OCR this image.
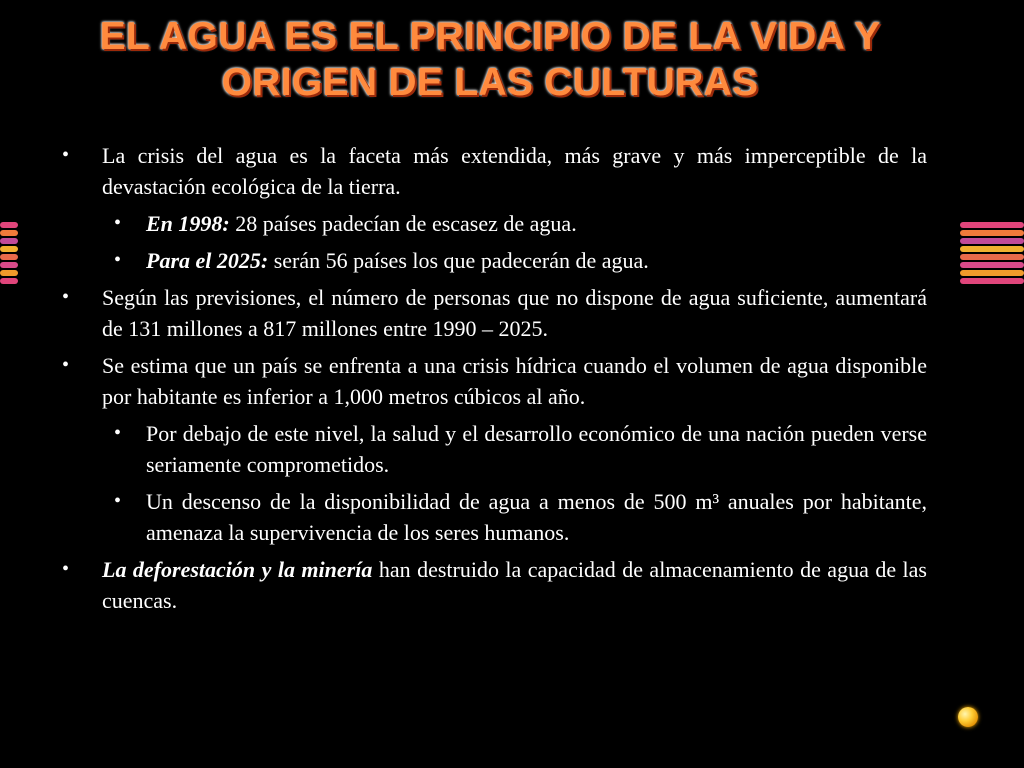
EL AGUA ES EL PRINCIPIO DE LA VIDA Y
ORIGEN DE LAS CULTURAS
• La crisis del agua es la faceta más extendida, más grave y más imperceptible de la devastación ecológica de la tierra.
• En 1998: 28 países padecían de escasez de agua.
• Para el 2025: serán 56 países los que padecerán de agua.
• Según las previsiones, el número de personas que no dispone de agua suficiente, aumentará de 131 millones a 817 millones entre 1990 – 2025.
• Se estima que un país se enfrenta a una crisis hídrica cuando el volumen de agua disponible por habitante es inferior a 1,000 metros cúbicos al año.
• Por debajo de este nivel, la salud y el desarrollo económico de una nación pueden verse seriamente comprometidos.
• Un descenso de la disponibilidad de agua a menos de 500 m³ anuales por habitante, amenaza la supervivencia de los seres humanos.
• La deforestación y la minería han destruido la capacidad de almacenamiento de agua de las cuencas.
